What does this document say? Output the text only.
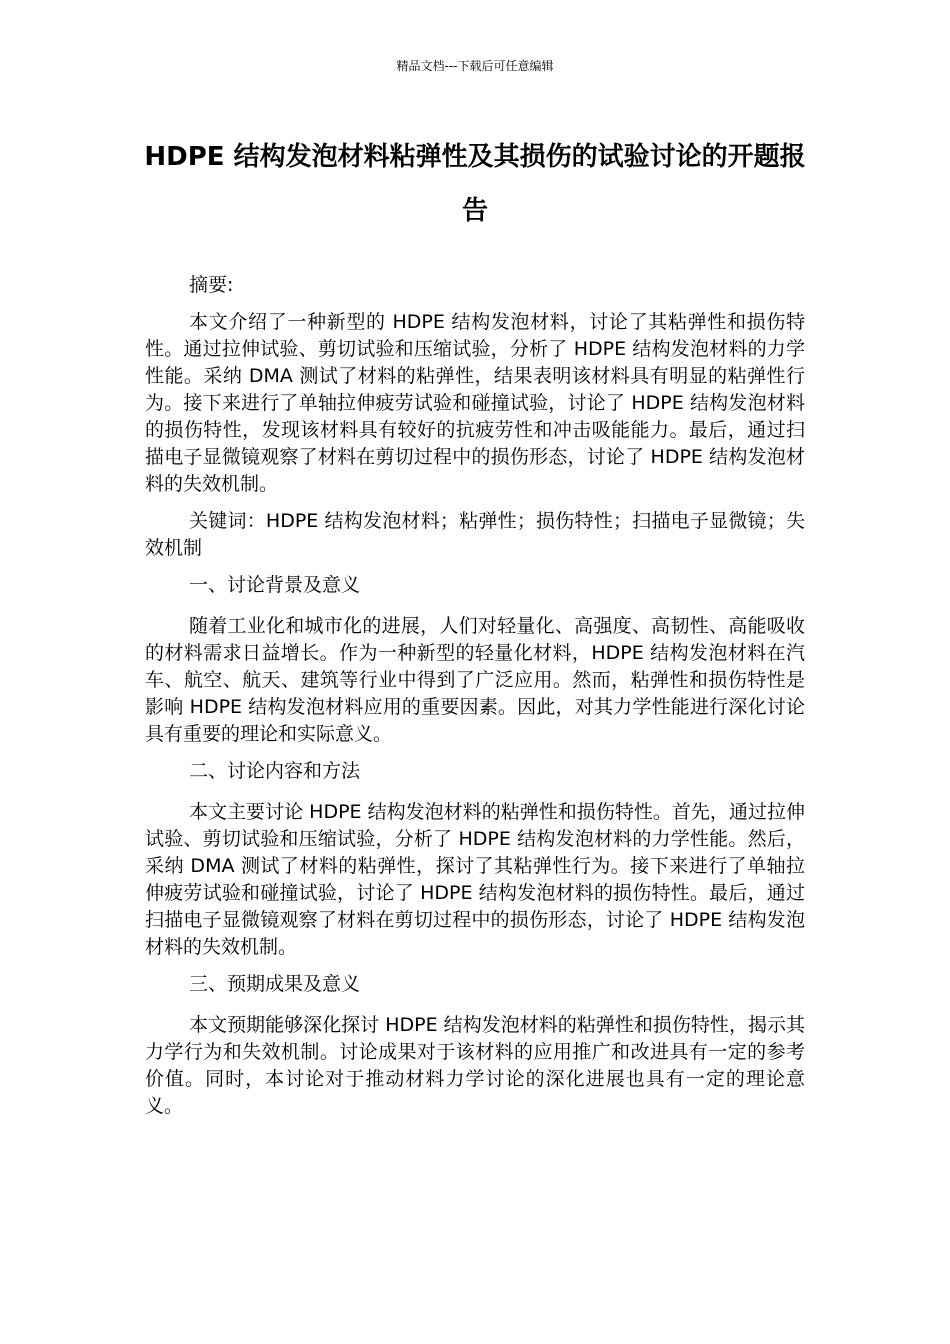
精品文档---下载后可任意编辑
HDPE 结构发泡材料粘弹性及其损伤的试验讨论的开题报告

摘要:

本文介绍了一种新型的 HDPE 结构发泡材料，讨论了其粘弹性和损伤特性。通过拉伸试验、剪切试验和压缩试验，分析了 HDPE 结构发泡材料的力学性能。采纳 DMA 测试了材料的粘弹性，结果表明该材料具有明显的粘弹性行为。接下来进行了单轴拉伸疲劳试验和碰撞试验，讨论了 HDPE 结构发泡材料的损伤特性，发现该材料具有较好的抗疲劳性和冲击吸能能力。最后，通过扫描电子显微镜观察了材料在剪切过程中的损伤形态，讨论了 HDPE 结构发泡材料的失效机制。

关键词：HDPE 结构发泡材料；粘弹性；损伤特性；扫描电子显微镜；失效机制

一、讨论背景及意义

随着工业化和城市化的进展，人们对轻量化、高强度、高韧性、高能吸收的材料需求日益增长。作为一种新型的轻量化材料，HDPE 结构发泡材料在汽车、航空、航天、建筑等行业中得到了广泛应用。然而，粘弹性和损伤特性是影响 HDPE 结构发泡材料应用的重要因素。因此，对其力学性能进行深化讨论具有重要的理论和实际意义。

二、讨论内容和方法

本文主要讨论 HDPE 结构发泡材料的粘弹性和损伤特性。首先，通过拉伸试验、剪切试验和压缩试验，分析了 HDPE 结构发泡材料的力学性能。然后，采纳 DMA 测试了材料的粘弹性，探讨了其粘弹性行为。接下来进行了单轴拉伸疲劳试验和碰撞试验，讨论了 HDPE 结构发泡材料的损伤特性。最后，通过扫描电子显微镜观察了材料在剪切过程中的损伤形态，讨论了 HDPE 结构发泡材料的失效机制。

三、预期成果及意义

本文预期能够深化探讨 HDPE 结构发泡材料的粘弹性和损伤特性，揭示其力学行为和失效机制。讨论成果对于该材料的应用推广和改进具有一定的参考价值。同时，本讨论对于推动材料力学讨论的深化进展也具有一定的理论意义。
